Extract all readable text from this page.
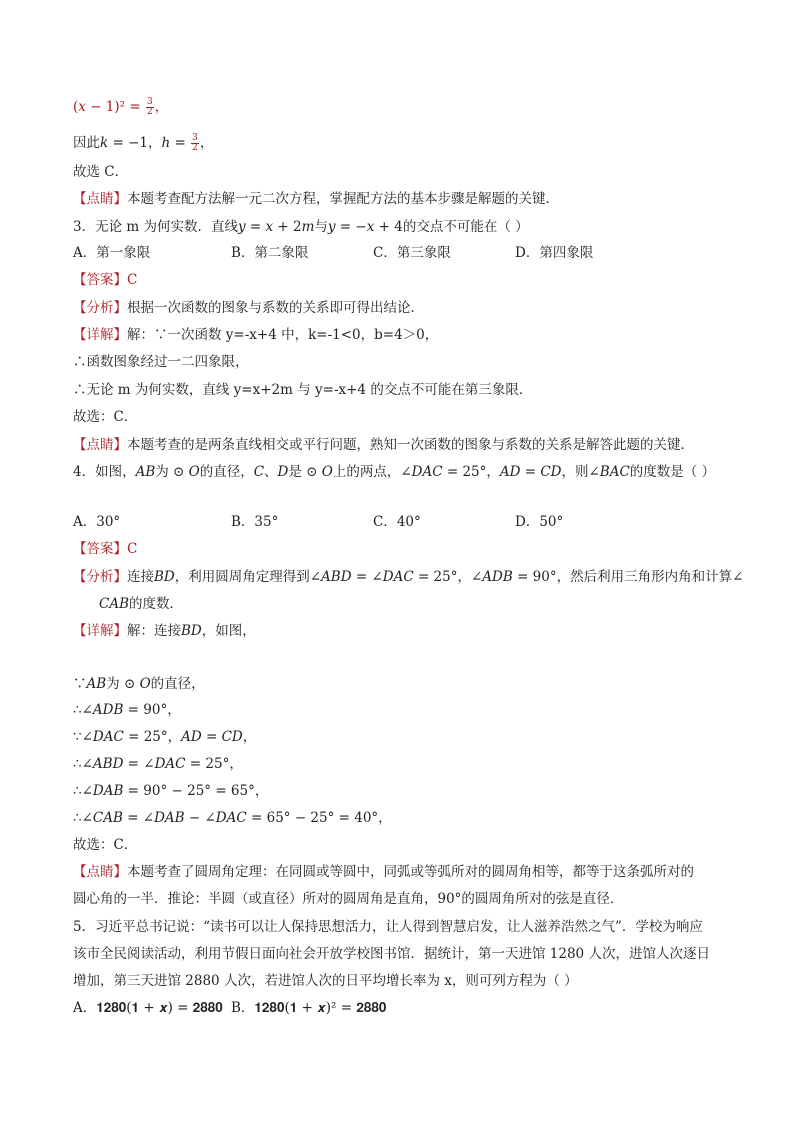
(𝑥 − $1)^2 = \frac{3}{2}$ ，
因此𝑘 = −1，ℎ = $\frac{3}{2}$ ，
故选 C．
【点睛】本题考查配方法解一元二次方程，掌握配方法的基本步骤是解题的关键．
3．无论 m 为何实数．直线𝑦 = 𝑥 + 2𝑚与𝑦 = −𝑥 + 4的交点不可能在（ ）
A．第一象限	B．第二象限	C．第三象限	D．第四象限
【答案】C
【分析】根据一次函数的图象与系数的关系即可得出结论．
【详解】解：∵一次函数 y=-x+4 中，k=-1<0，b=4＞0，
∴函数图象经过一二四象限，
∴无论 m 为何实数，直线 y=x+2m 与 y=-x+4 的交点不可能在第三象限．
故选：C．
【点睛】本题考查的是两条直线相交或平行问题，熟知一次函数的图象与系数的关系是解答此题的关键．
4．如图，𝐴𝐵为 ⊙ 𝑂的直径，𝐶、𝐷是 ⊙ 𝑂上的两点，∠𝐷𝐴𝐶 = 25°，𝐴𝐷 = 𝐶𝐷，则∠𝐵𝐴𝐶的度数是（ ）
A．30°	B．35°	C．40°	D．50°
【答案】C
【分析】连接𝐵𝐷，利用圆周角定理得到∠𝐴𝐵𝐷 = ∠𝐷𝐴𝐶 = 25°，∠𝐴𝐷𝐵 = 90°，然后利用三角形内角和计算∠
𝐶𝐴𝐵的度数．
【详解】解：连接𝐵𝐷，如图，
∵𝐴𝐵为 ⊙ 𝑂的直径，
∴∠𝐴𝐷𝐵 = 90°，
∵∠𝐷𝐴𝐶 = 25°，𝐴𝐷 = 𝐶𝐷，
∴∠𝐴𝐵𝐷 = ∠𝐷𝐴𝐶 = 25°，
∴∠𝐷𝐴𝐵 = 90° − 25° = 65°，
∴∠𝐶𝐴𝐵 = ∠𝐷𝐴𝐵 − ∠𝐷𝐴𝐶 = 65° − 25° = 40°，
故选：C．
【点睛】本题考查了圆周角定理：在同圆或等圆中，同弧或等弧所对的圆周角相等，都等于这条弧所对的
圆心角的一半．推论：半圆（或直径）所对的圆周角是直角，90°的圆周角所对的弦是直径．
5．习近平总书记说：“读书可以让人保持思想活力，让人得到智慧启发，让人滋养浩然之气”．学校为响应
该市全民阅读活动，利用节假日面向社会开放学校图书馆．据统计，第一天进馆 1280 人次，进馆人次逐日
增加，第三天进馆 2880 人次，若进馆人次的日平均增长率为 x，则可列方程为（ ）
A．𝟏𝟐𝟖𝟎(𝟏 + 𝒙) = 𝟐𝟖𝟖𝟎 B．𝟏𝟐𝟖𝟎(𝟏 + 𝒙)² = 𝟐𝟖𝟖𝟎
